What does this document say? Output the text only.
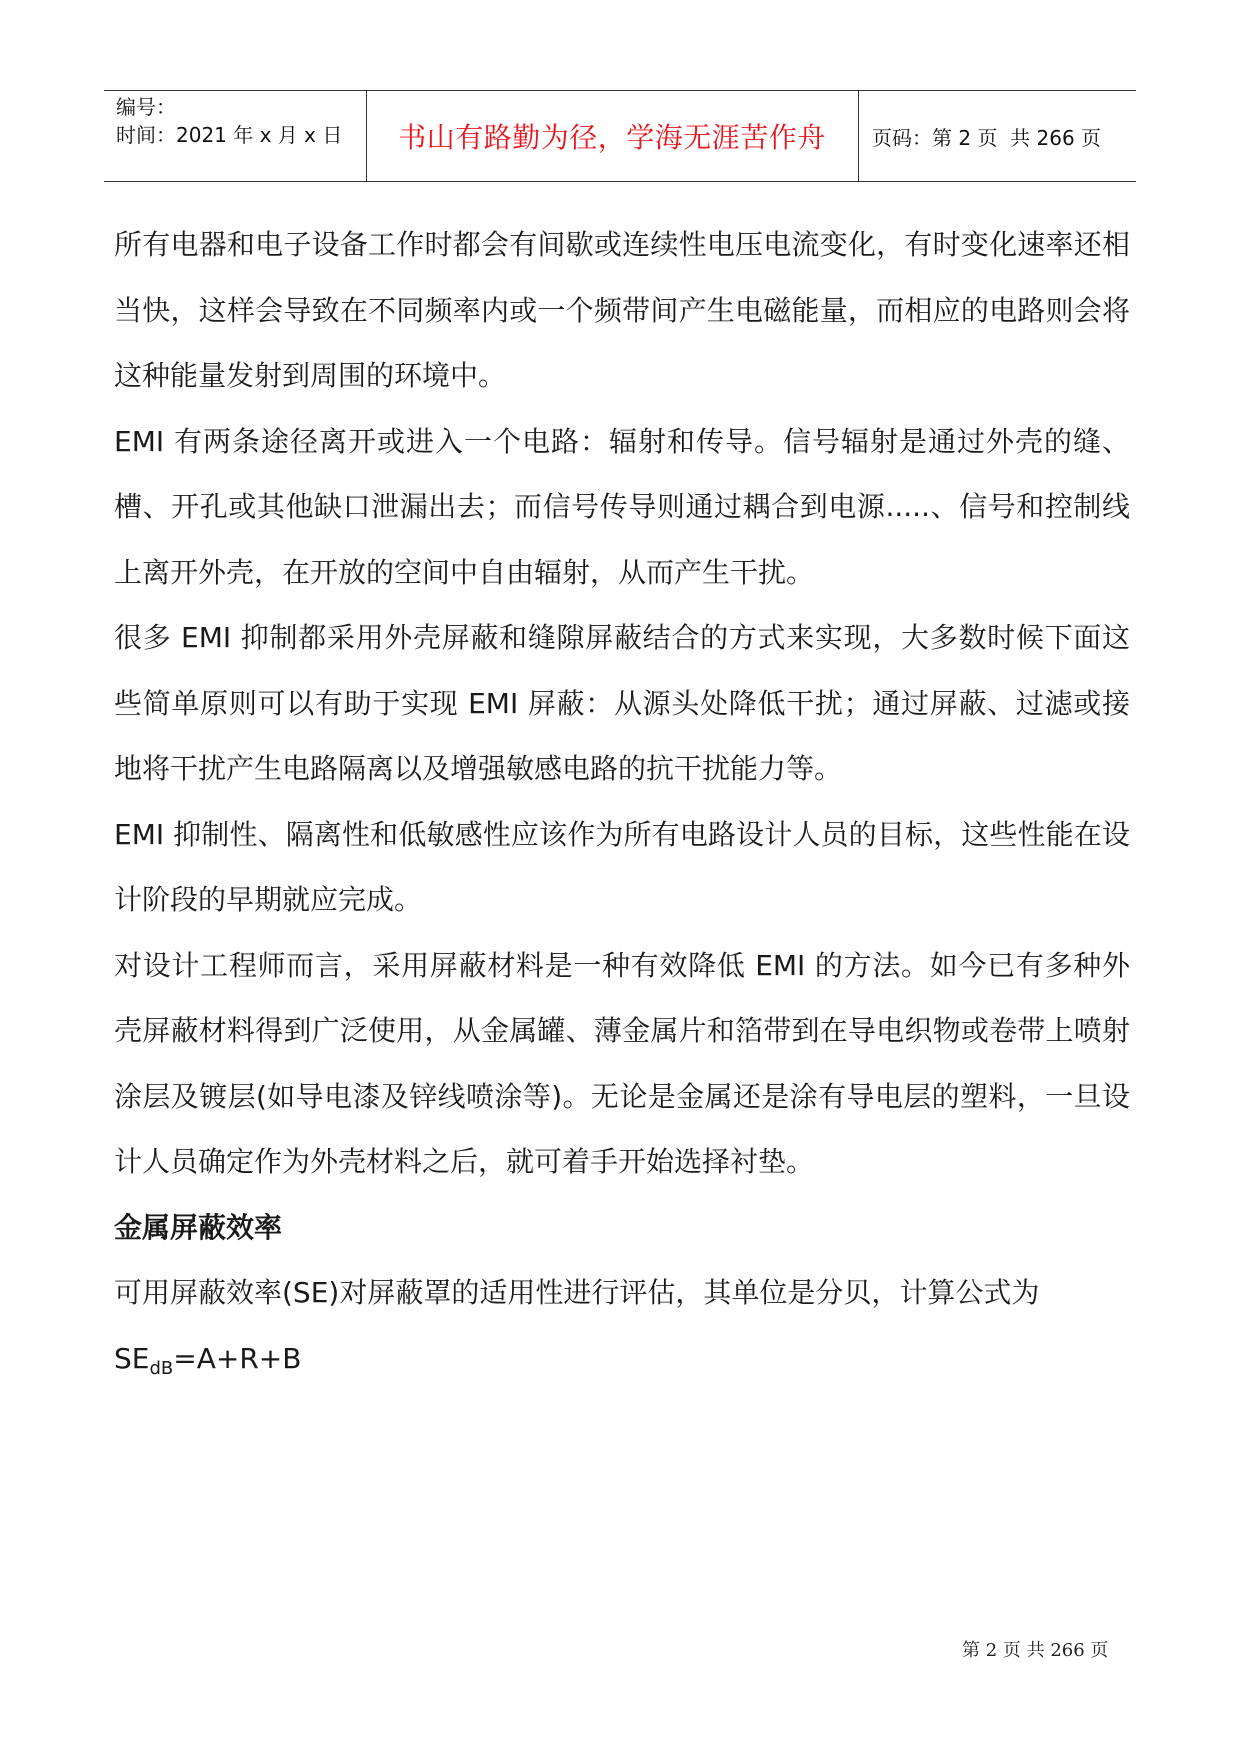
编号：
时间：2021 年 x 月 x 日	书山有路勤为径，学海无涯苦作舟	页码：第 2 页  共 266 页

所有电器和电子设备工作时都会有间歇或连续性电压电流变化，有时变化速率还相当快，这样会导致在不同频率内或一个频带间产生电磁能量，而相应的电路则会将这种能量发射到周围的环境中。

EMI 有两条途径离开或进入一个电路：辐射和传导。信号辐射是通过外壳的缝、槽、开孔或其他缺口泄漏出去；而信号传导则通过耦合到电源.....、信号和控制线上离开外壳，在开放的空间中自由辐射，从而产生干扰。

很多 EMI 抑制都采用外壳屏蔽和缝隙屏蔽结合的方式来实现，大多数时候下面这些简单原则可以有助于实现 EMI 屏蔽：从源头处降低干扰；通过屏蔽、过滤或接地将干扰产生电路隔离以及增强敏感电路的抗干扰能力等。

EMI 抑制性、隔离性和低敏感性应该作为所有电路设计人员的目标，这些性能在设计阶段的早期就应完成。

对设计工程师而言，采用屏蔽材料是一种有效降低 EMI 的方法。如今已有多种外壳屏蔽材料得到广泛使用，从金属罐、薄金属片和箔带到在导电织物或卷带上喷射涂层及镀层(如导电漆及锌线喷涂等)。无论是金属还是涂有导电层的塑料，一旦设计人员确定作为外壳材料之后，就可着手开始选择衬垫。

金属屏蔽效率

可用屏蔽效率(SE)对屏蔽罩的适用性进行评估，其单位是分贝，计算公式为

$SE_{dB}=A+R+B$

第 2 页 共 266 页
